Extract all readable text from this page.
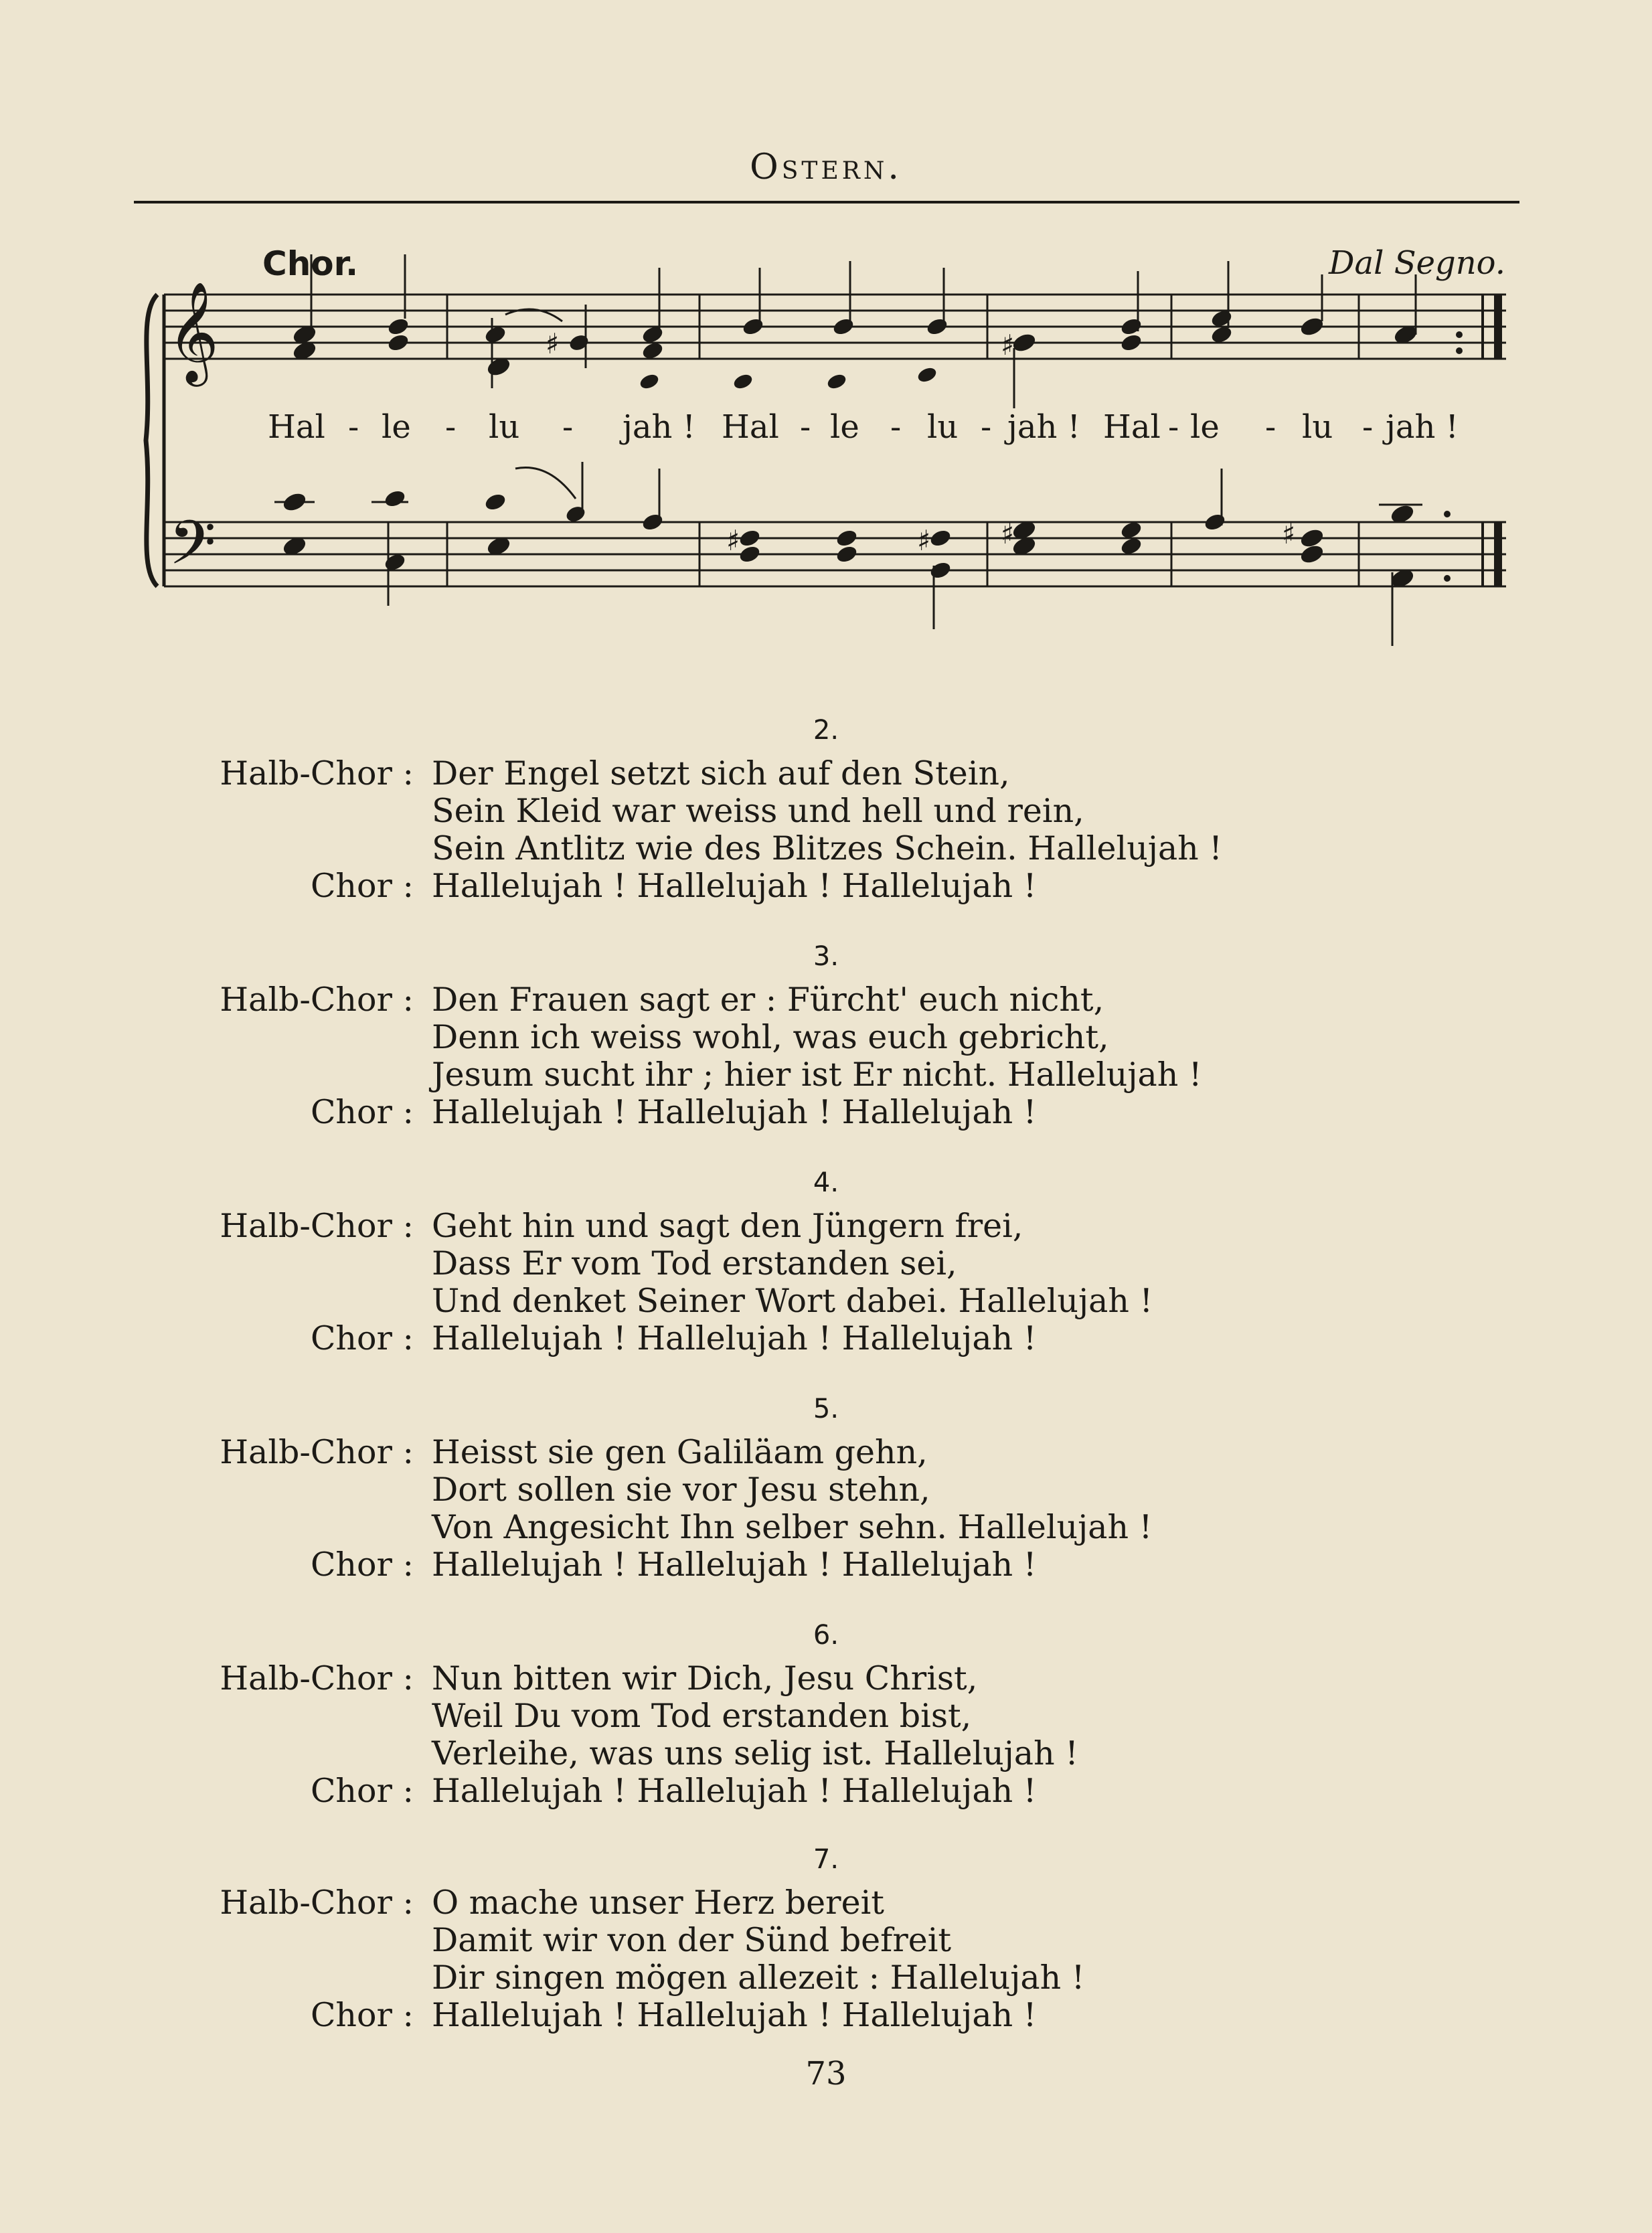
Ostern.
𝄞
𝄢
♯	♯
♯	♯ ♯	♯
Chor.	Dal Segno.
Hal - le - lu - jah ! Hal - le - lu - jah ! Hal - le - lu - jah !
2.
Halb-Chor : Der Engel setzt sich auf den Stein,
Sein Kleid war weiss und hell und rein,
Sein Antlitz wie des Blitzes Schein. Hallelujah !
Chor : Hallelujah ! Hallelujah ! Hallelujah !
3.
Halb-Chor : Den Frauen sagt er : Fürcht' euch nicht,
Denn ich weiss wohl, was euch gebricht,
Jesum sucht ihr ; hier ist Er nicht. Hallelujah !
Chor : Hallelujah ! Hallelujah ! Hallelujah !
4.
Halb-Chor : Geht hin und sagt den Jüngern frei,
Dass Er vom Tod erstanden sei,
Und denket Seiner Wort dabei. Hallelujah !
Chor : Hallelujah ! Hallelujah ! Hallelujah !
5.
Halb-Chor : Heisst sie gen Galiläam gehn,
Dort sollen sie vor Jesu stehn,
Von Angesicht Ihn selber sehn. Hallelujah !
Chor : Hallelujah ! Hallelujah ! Hallelujah !
6.
Halb-Chor : Nun bitten wir Dich, Jesu Christ,
Weil Du vom Tod erstanden bist,
Verleihe, was uns selig ist. Hallelujah !
Chor : Hallelujah ! Hallelujah ! Hallelujah !
7.
Halb-Chor : O mache unser Herz bereit
Damit wir von der Sünd befreit
Dir singen mögen allezeit : Hallelujah !
Chor : Hallelujah ! Hallelujah ! Hallelujah !
73
